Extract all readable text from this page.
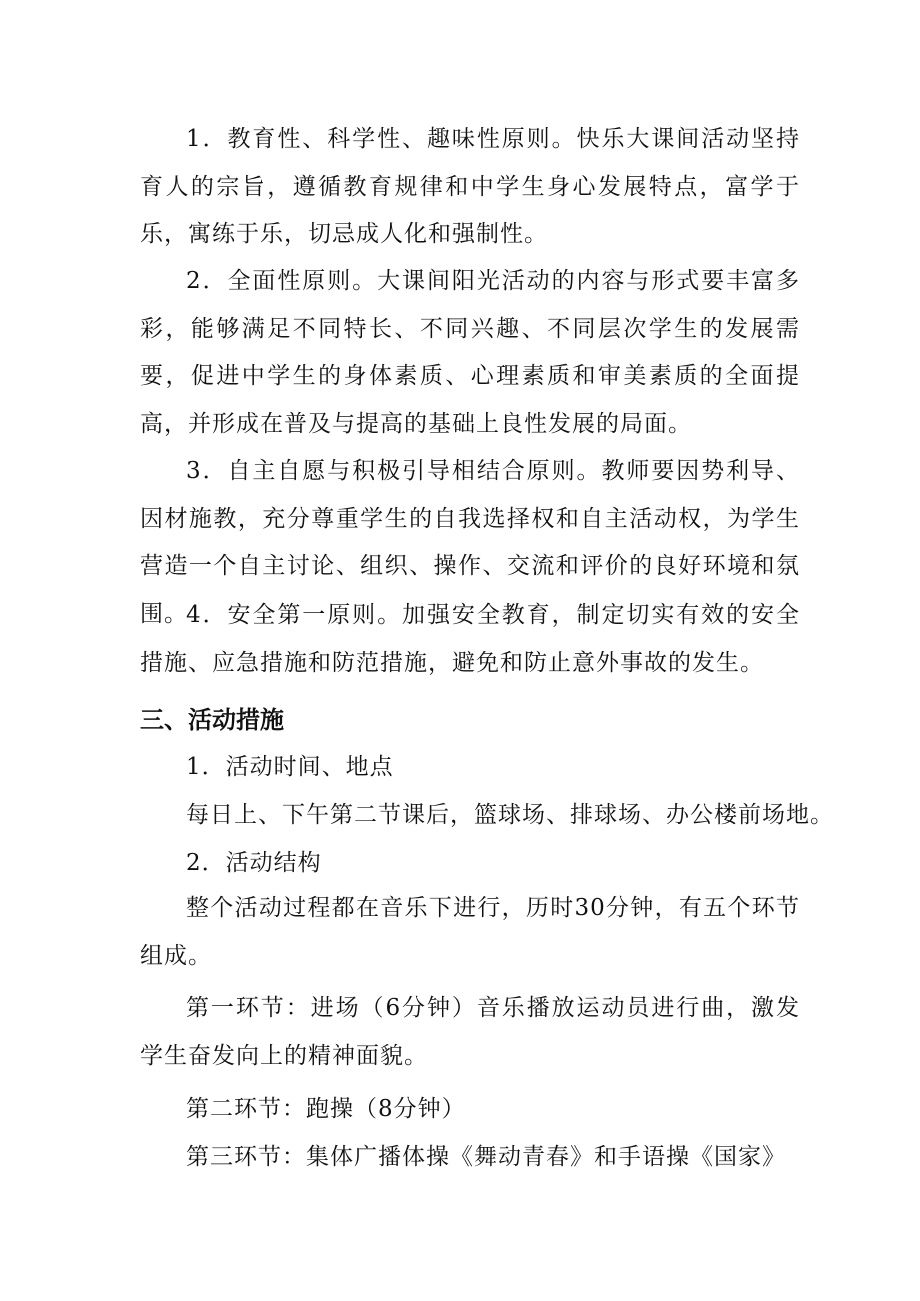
1．教育性、科学性、趣味性原则。快乐大课间活动坚持育人的宗旨，遵循教育规律和中学生身心发展特点，富学于乐，寓练于乐，切忌成人化和强制性。

2．全面性原则。大课间阳光活动的内容与形式要丰富多彩，能够满足不同特长、不同兴趣、不同层次学生的发展需要，促进中学生的身体素质、心理素质和审美素质的全面提高，并形成在普及与提高的基础上良性发展的局面。

3．自主自愿与积极引导相结合原则。教师要因势利导、因材施教，充分尊重学生的自我选择权和自主活动权，为学生营造一个自主讨论、组织、操作、交流和评价的良好环境和氛围。

4．安全第一原则。加强安全教育，制定切实有效的安全措施、应急措施和防范措施，避免和防止意外事故的发生。

三、活动措施

1．活动时间、地点

每日上、下午第二节课后，篮球场、排球场、办公楼前场地。

2．活动结构

整个活动过程都在音乐下进行，历时30分钟，有五个环节组成。

第一环节：进场（6分钟）音乐播放运动员进行曲，激发学生奋发向上的精神面貌。

第二环节：跑操（8分钟）

第三环节：集体广播体操《舞动青春》和手语操《国家》
